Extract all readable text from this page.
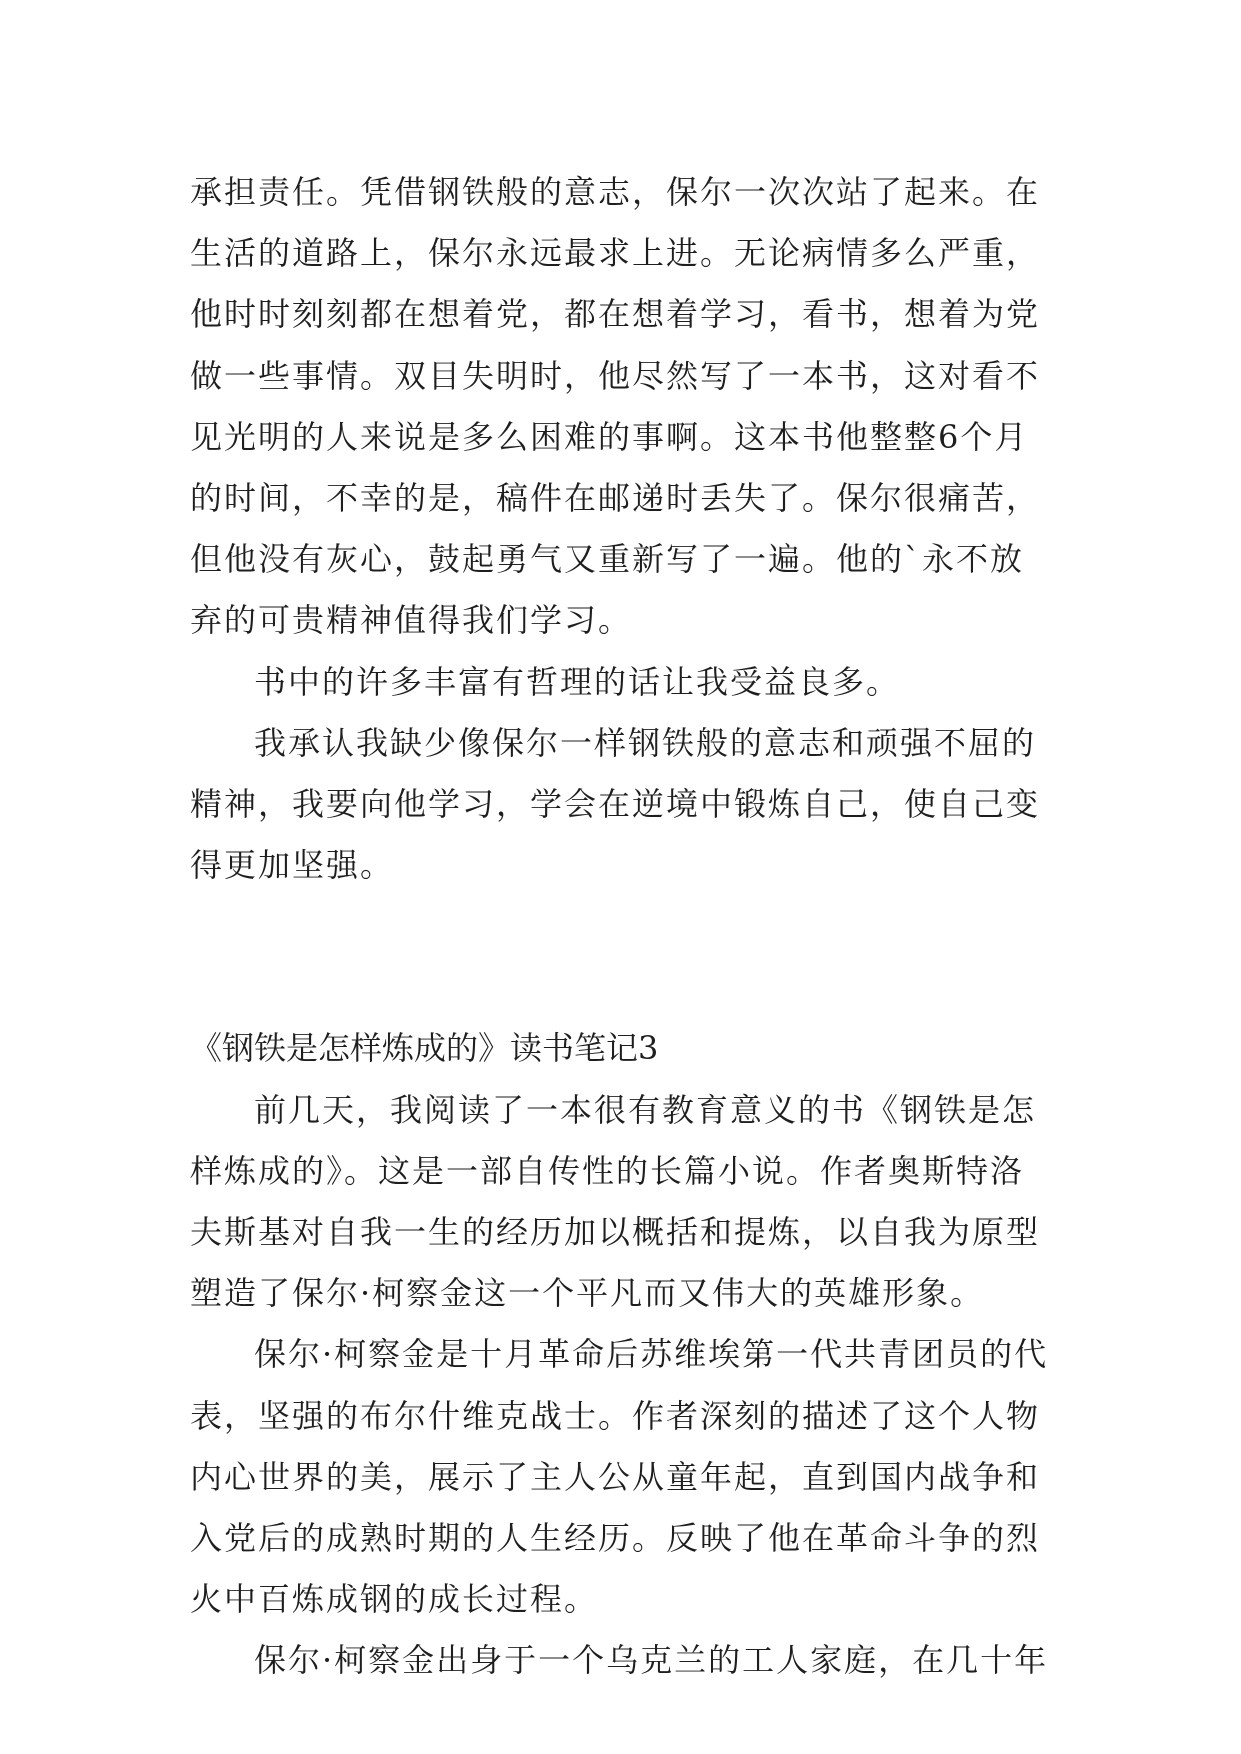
承担责任。凭借钢铁般的意志，保尔一次次站了起来。在生活的道路上，保尔永远最求上进。无论病情多么严重，他时时刻刻都在想着党，都在想着学习，看书，想着为党做一些事情。双目失明时，他尽然写了一本书，这对看不见光明的人来说是多么困难的事啊。这本书他整整6个月的时间，不幸的是，稿件在邮递时丢失了。保尔很痛苦，但他没有灰心，鼓起勇气又重新写了一遍。他的`永不放弃的可贵精神值得我们学习。

书中的许多丰富有哲理的话让我受益良多。

我承认我缺少像保尔一样钢铁般的意志和顽强不屈的精神，我要向他学习，学会在逆境中锻炼自己，使自己变得更加坚强。

《钢铁是怎样炼成的》读书笔记3

前几天，我阅读了一本很有教育意义的书《钢铁是怎样炼成的》。这是一部自传性的长篇小说。作者奥斯特洛夫斯基对自我一生的经历加以概括和提炼，以自我为原型塑造了保尔·柯察金这一个平凡而又伟大的英雄形象。

保尔·柯察金是十月革命后苏维埃第一代共青团员的代表，坚强的布尔什维克战士。作者深刻的描述了这个人物内心世界的美，展示了主人公从童年起，直到国内战争和入党后的成熟时期的人生经历。反映了他在革命斗争的烈火中百炼成钢的成长过程。

保尔·柯察金出身于一个乌克兰的工人家庭，在几十年
